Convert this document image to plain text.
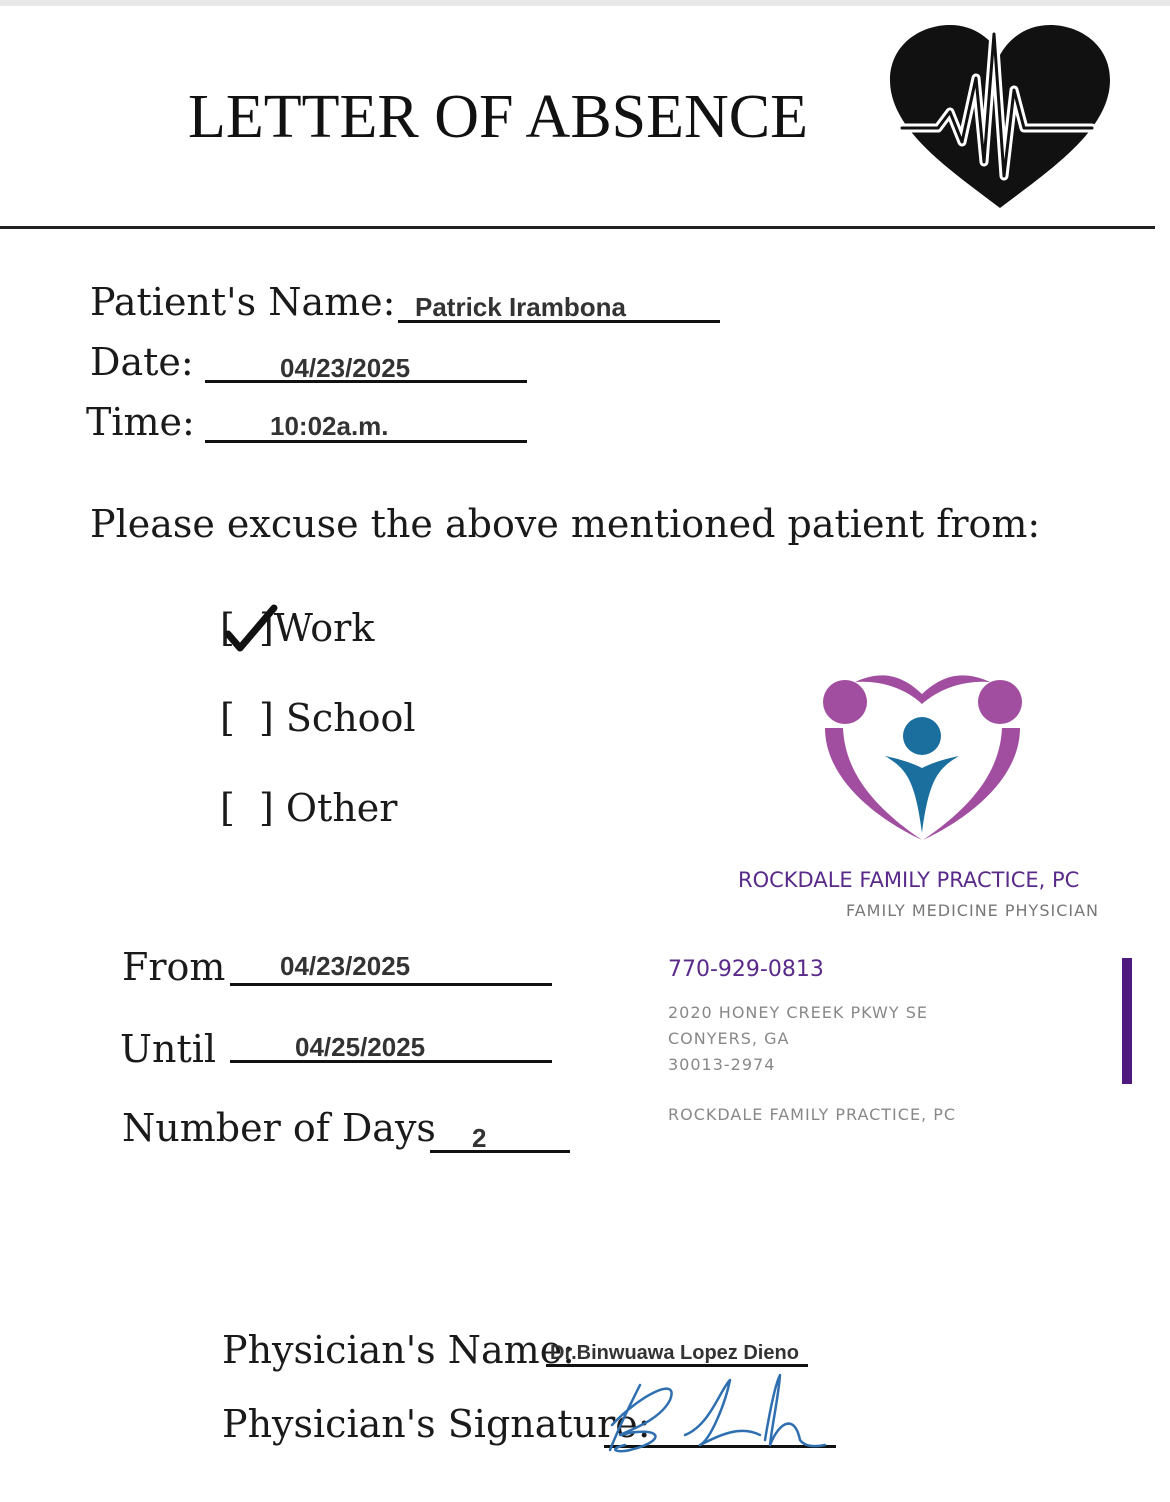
LETTER OF ABSENCE
Patient's Name: Patrick Irambona
Date:	04/23/2025
Time:	10:02a.m.
Please excuse the above mentioned patient from:
[  ]Work
[  ] School
[  ] Other
ROCKDALE FAMILY PRACTICE, PC
FAMILY MEDICINE PHYSICIAN
From 04/23/2025
Until	04/25/2025
Number of Days 2
770-929-0813
2020 HONEY CREEK PKWY SE
CONYERS, GA
30013-2974
ROCKDALE FAMILY PRACTICE, PC
Physician's Name:
Dr.Binwuawa Lopez Dieno
Physician's Signature:
